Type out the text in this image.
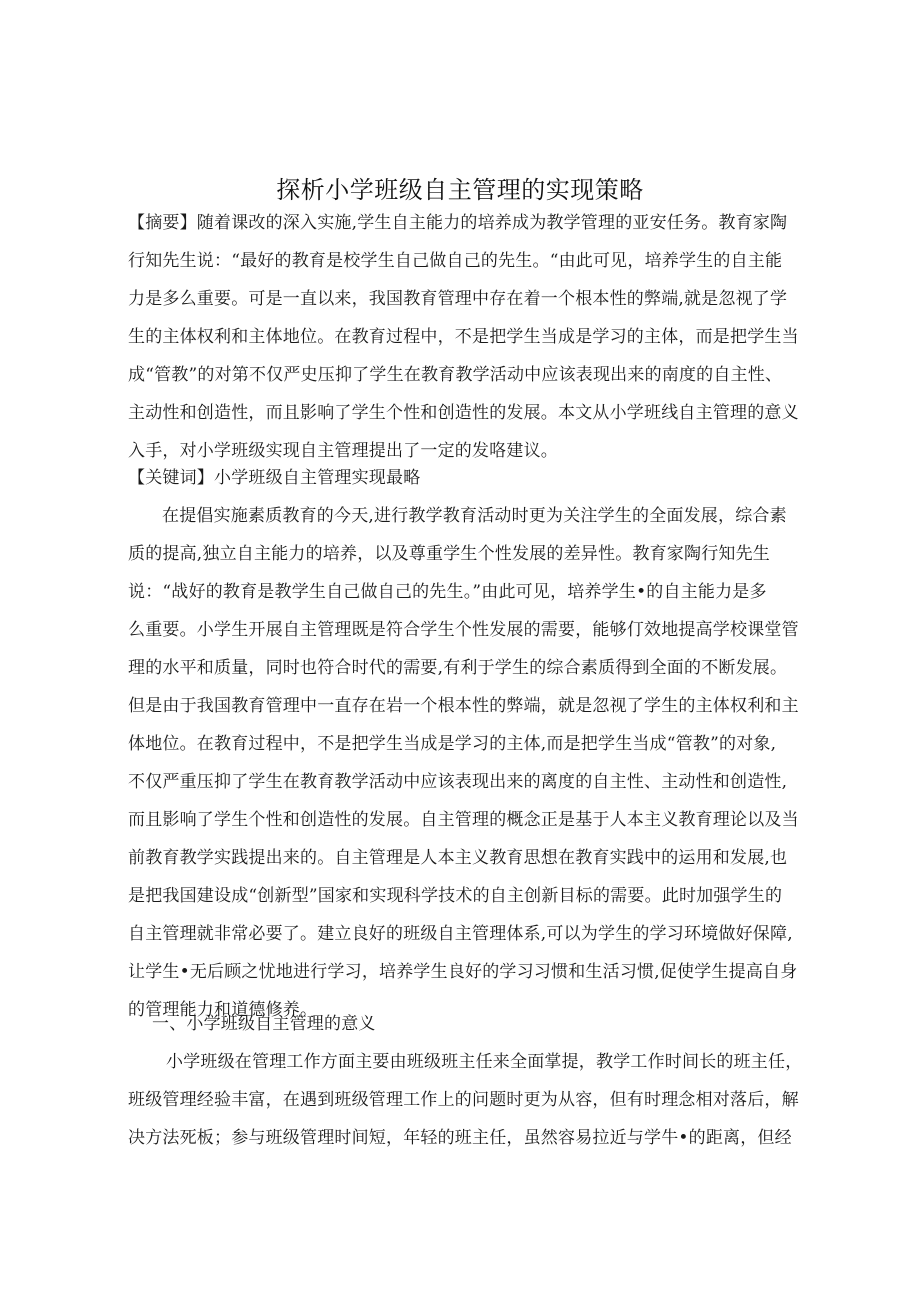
探析小学班级自主管理的实现策略
【摘要】随着课改的深入实施,学生自主能力的培养成为教学管理的亚安任务。教育家陶
行知先生说：“最好的教育是校学生自己做自己的先生。“由此可见，培养学生的自主能
力是多么重要。可是一直以来，我国教育管理中存在着一个根本性的弊端,就是忽视了学
生的主体权利和主体地位。在教育过程中，不是把学生当成是学习的主体，而是把学生当
成“管教”的对第不仅严史压抑了学生在教育教学活动中应该表现出来的南度的自主性、
主动性和创造性，而且影响了学生个性和创造性的发展。本文从小学班线自主管理的意义
入手，对小学班级实现自主管理提出了一定的发咯建议。
【关键词】小学班级自主管理实现最略
在提倡实施素质教育的今天,进行教学教育活动时更为关注学生的全面发展，综合素
质的提高,独立自主能力的培养，以及尊重学生个性发展的差异性。教育家陶行知先生
说：“战好的教育是教学生自己做自己的先生。”由此可见，培养学生•的自主能力是多
么重要。小学生开展自主管理既是符合学生个性发展的需要，能够仃效地提高学校课堂管
理的水平和质量，同时也符合时代的需要,有利于学生的综合素质得到全面的不断发展。
但是由于我国教育管理中一直存在岩一个根本性的弊端，就是忽视了学生的主体权利和主
体地位。在教育过程中，不是把学生当成是学习的主体,而是把学生当成“管教”的对象,
不仅严重压抑了学生在教育教学活动中应该表现出来的离度的自主性、主动性和创造性,
而且影响了学生个性和创造性的发展。自主管理的概念正是基于人本主义教育理论以及当
前教育教学实践提出来的。自主管理是人本主义教育思想在教育实践中的运用和发展,也
是把我国建设成“创新型”国家和实现科学技术的自主创新目标的需要。此时加强学生的
自主管理就非常必要了。建立良好的班级自主管理体系,可以为学生的学习环境做好保障,
让学生•无后顾之忧地进行学习，培养学生良好的学习习惯和生活习惯,促使学生提高自身
的管理能力和道德修养。
一、小学班级自主管理的意义
小学班级在管理工作方面主要由班级班主任来全面掌提，教学工作时间长的班主任，
班级管理经验丰富，在遇到班级管理工作上的问题时更为从容，但有时理念相对落后，解
决方法死板；参与班级管理时间短，年轻的班主任，虽然容易拉近与学牛•的距离，但经
